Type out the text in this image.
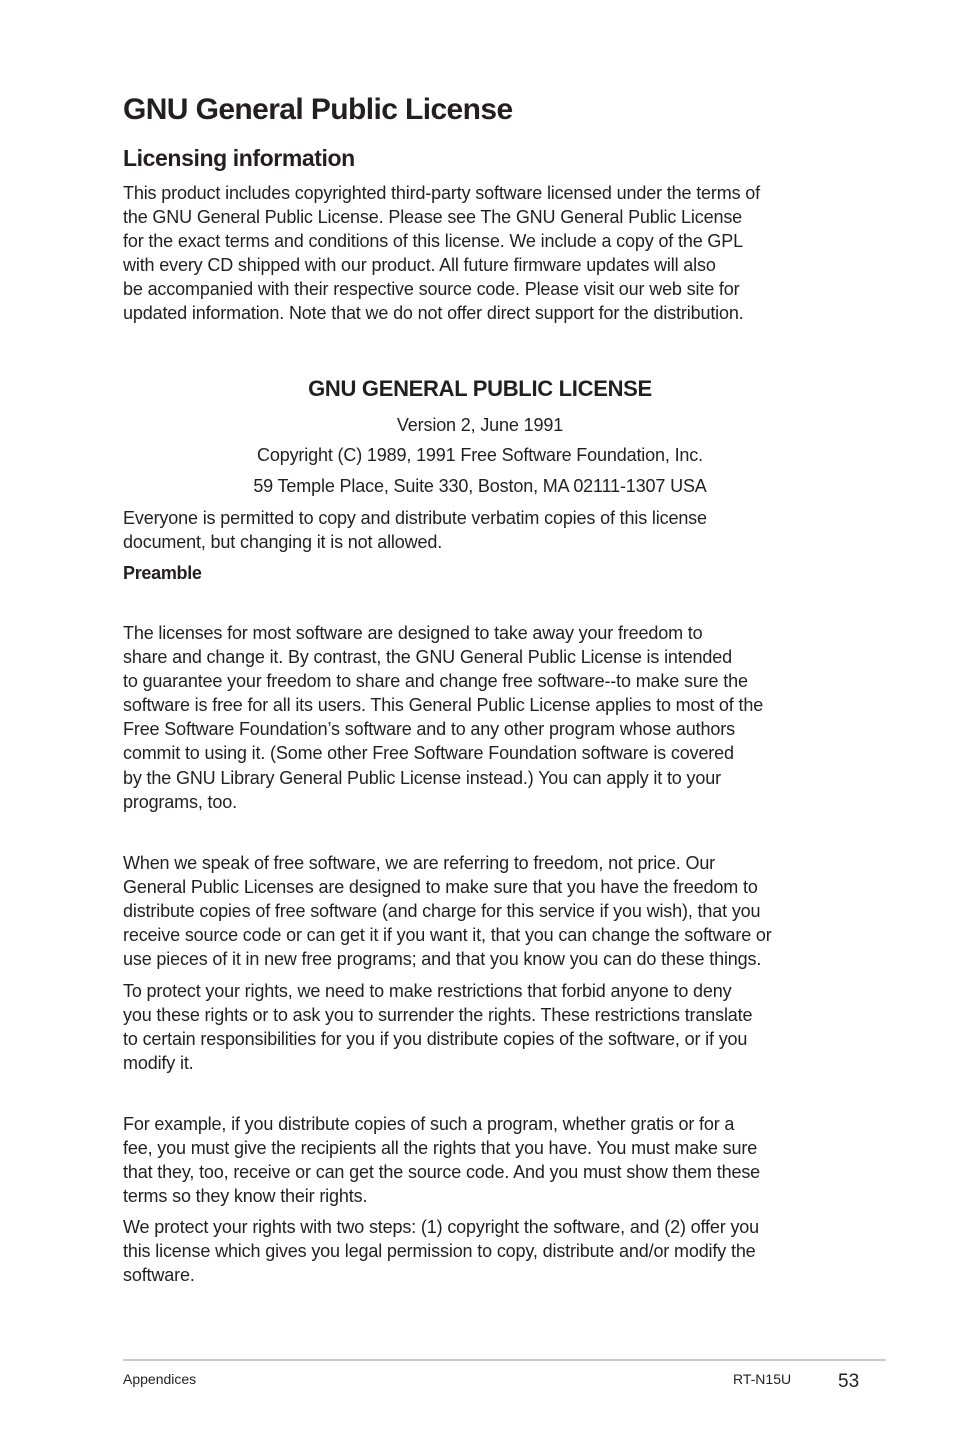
GNU General Public License
Licensing information

This product includes copyrighted third-party software licensed under the terms of
the GNU General Public License. Please see The GNU General Public License
for the exact terms and conditions of this license. We include a copy of the GPL
with every CD shipped with our product. All future firmware updates will also
be accompanied with their respective source code. Please visit our web site for
updated information. Note that we do not offer direct support for the distribution.

GNU GENERAL PUBLIC LICENSE

Version 2, June 1991

Copyright (C) 1989, 1991 Free Software Foundation, Inc.

59 Temple Place, Suite 330, Boston, MA 02111-1307 USA

Everyone is permitted to copy and distribute verbatim copies of this license
document, but changing it is not allowed.

Preamble

The licenses for most software are designed to take away your freedom to
share and change it. By contrast, the GNU General Public License is intended
to guarantee your freedom to share and change free software--to make sure the
software is free for all its users. This General Public License applies to most of the
Free Software Foundation’s software and to any other program whose authors
commit to using it. (Some other Free Software Foundation software is covered
by the GNU Library General Public License instead.) You can apply it to your
programs, too.

When we speak of free software, we are referring to freedom, not price. Our
General Public Licenses are designed to make sure that you have the freedom to
distribute copies of free software (and charge for this service if you wish), that you
receive source code or can get it if you want it, that you can change the software or
use pieces of it in new free programs; and that you know you can do these things.

To protect your rights, we need to make restrictions that forbid anyone to deny
you these rights or to ask you to surrender the rights. These restrictions translate
to certain responsibilities for you if you distribute copies of the software, or if you
modify it.

For example, if you distribute copies of such a program, whether gratis or for a
fee, you must give the recipients all the rights that you have. You must make sure
that they, too, receive or can get the source code. And you must show them these
terms so they know their rights.

We protect your rights with two steps: (1) copyright the software, and (2) offer you
this license which gives you legal permission to copy, distribute and/or modify the
software.

Appendices	RT-N15U 53
